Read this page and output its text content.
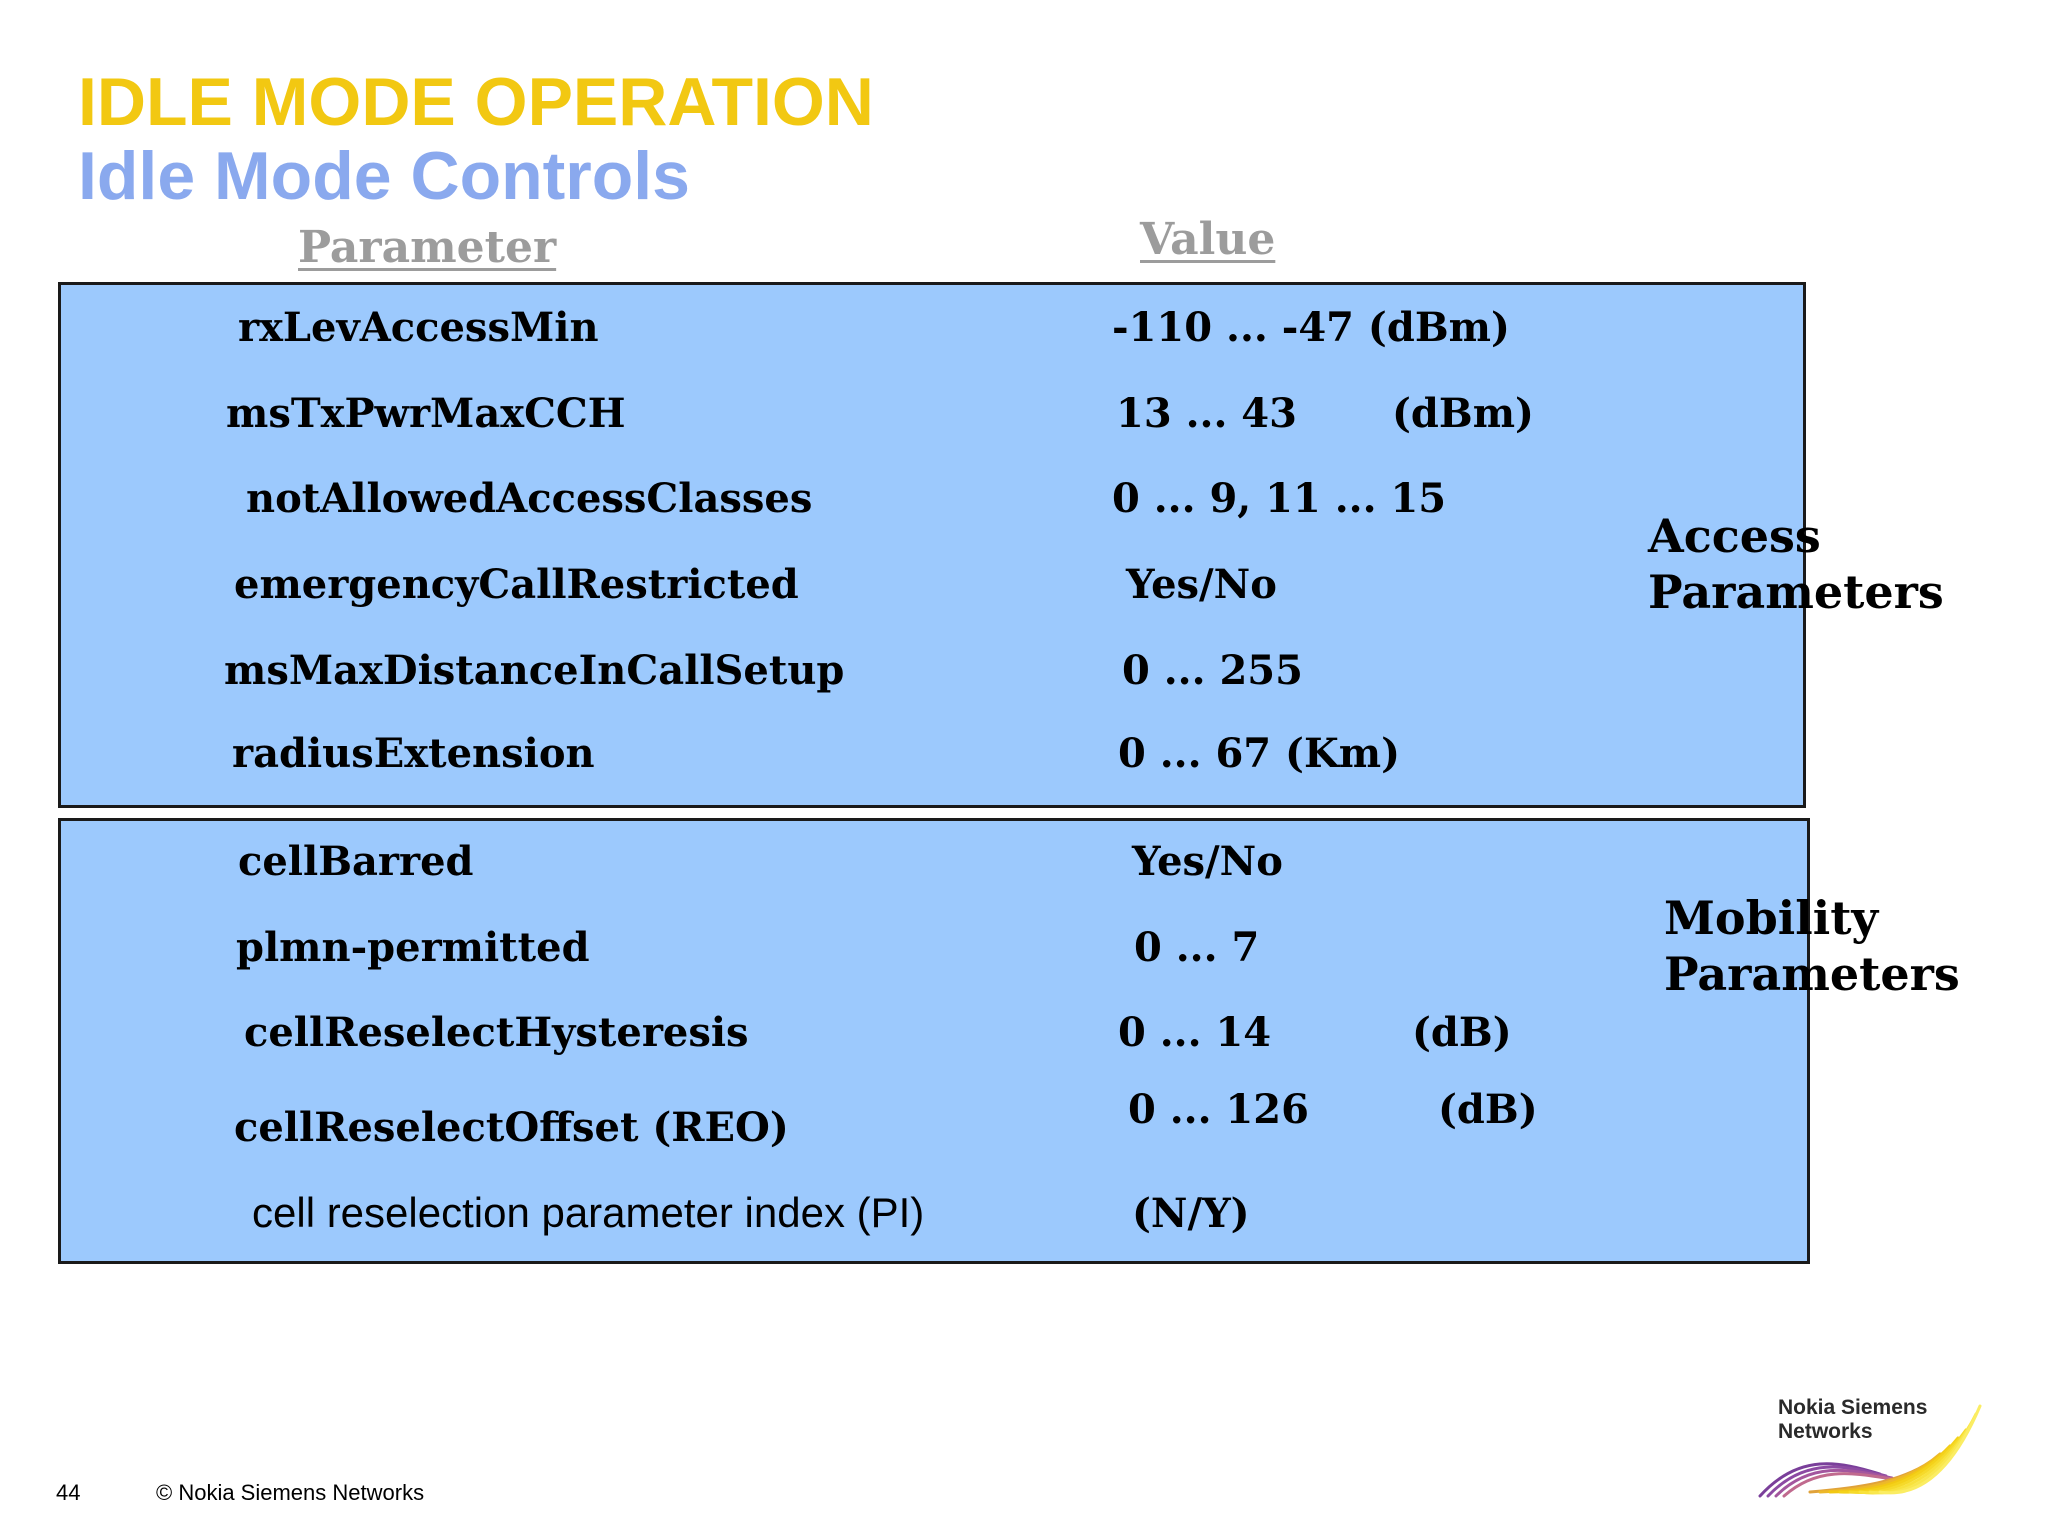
IDLE MODE OPERATION
Idle Mode Controls
Parameter	Value
rxLevAccessMin	-110 ... -47 (dBm)
msTxPwrMaxCCH	13 ... 43 (dBm)
notAllowedAccessClasses	0 ... 9, 11 ... 15
emergencyCallRestricted	Yes/No
msMaxDistanceInCallSetup	0 ... 255
radiusExtension	0 ... 67 (Km)
Access
Parameters
cellBarred	Yes/No
plmn-permitted	0 ... 7
cellReselectHysteresis	0 ... 14	(dB)
cellReselectOffset (REO)	0 ... 126	(dB)
cell reselection parameter index (PI)	(N/Y)
Mobility
Parameters
44	© Nokia Siemens Networks
Nokia Siemens
Networks
